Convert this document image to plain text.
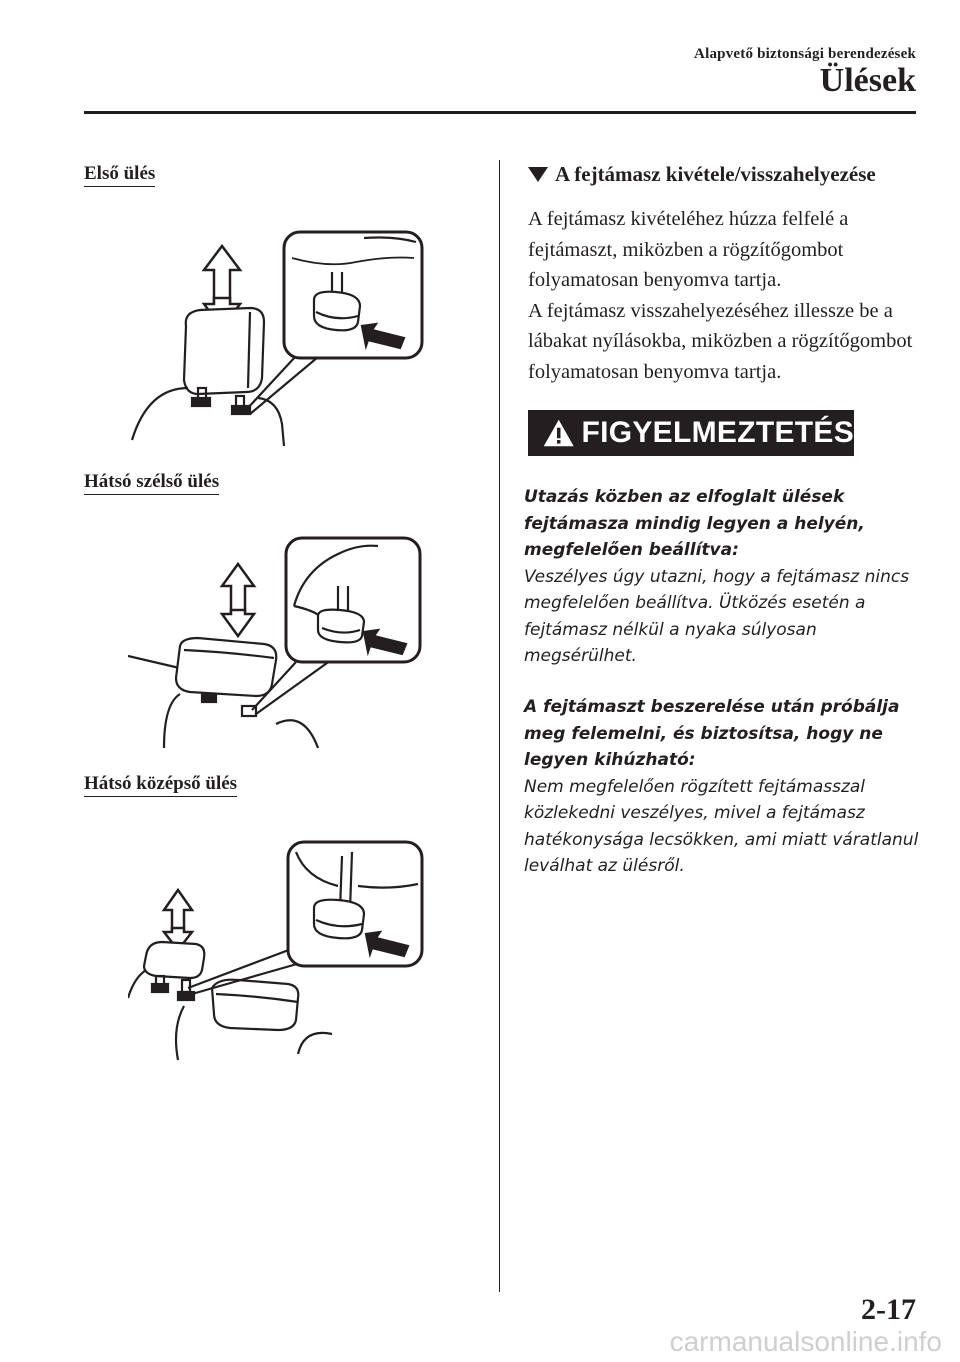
Alapvető biztonsági berendezések
Ülések
Első ülés
Hátsó szélső ülés
Hátsó középső ülés
A fejtámasz kivétele/visszahelyezése

A fejtámasz kivételéhez húzza felfelé a fejtámaszt, miközben a rögzítőgombot folyamatosan benyomva tartja.

A fejtámasz visszahelyezéséhez illessze be a lábakat nyílásokba, miközben a rögzítőgombot folyamatosan benyomva tartja.

FIGYELMEZTETÉS
Utazás közben az elfoglalt ülések fejtámasza mindig legyen a helyén, megfelelően beállítva:
Veszélyes úgy utazni, hogy a fejtámasz nincs megfelelően beállítva. Ütközés esetén a fejtámasz nélkül a nyaka súlyosan megsérülhet.
A fejtámaszt beszerelése után próbálja meg felemelni, és biztosítsa, hogy ne legyen kihúzható:
Nem megfelelően rögzített fejtámasszal közlekedni veszélyes, mivel a fejtámasz hatékonysága lecsökken, ami miatt váratlanul leválhat az ülésről.
2-17
carmanualsonline.info
